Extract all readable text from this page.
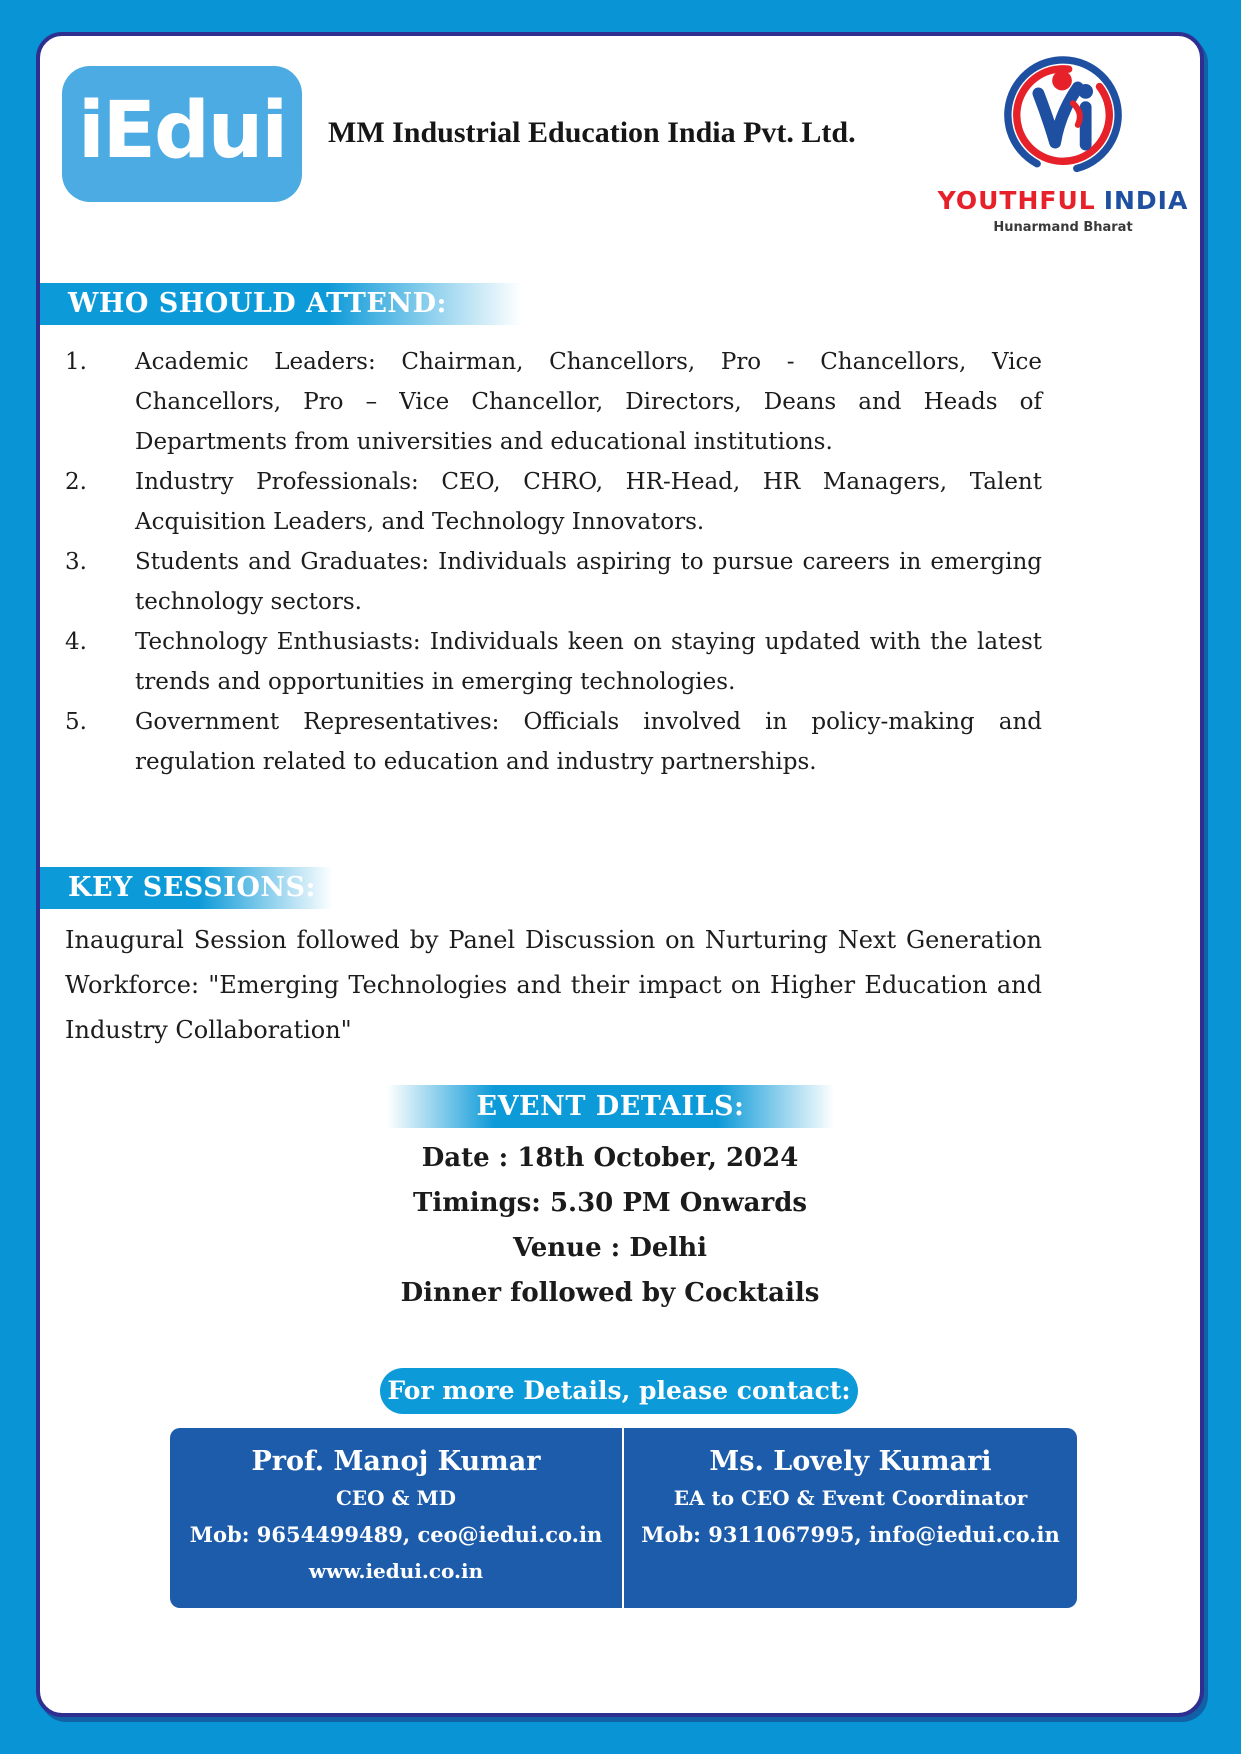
iEdui MM Industrial Education India Pvt. Ltd.
YOUTHFUL INDIA
Hunarmand Bharat
WHO SHOULD ATTEND:
1.	Academic Leaders: Chairman, Chancellors, Pro - Chancellors, Vice Chancellors, Pro – Vice Chancellor, Directors, Deans and Heads of Departments from universities and educational institutions.
2.	Industry Professionals: CEO, CHRO, HR-Head, HR Managers, Talent Acquisition Leaders, and Technology Innovators.
3.	Students and Graduates: Individuals aspiring to pursue careers in emerging technology sectors.
4.	Technology Enthusiasts: Individuals keen on staying updated with the latest trends and opportunities in emerging technologies.
5.	Government Representatives: Officials involved in policy-making and regulation related to education and industry partnerships.
KEY SESSIONS:
Inaugural Session followed by Panel Discussion on Nurturing Next Generation Workforce: "Emerging Technologies and their impact on Higher Education and Industry Collaboration"
EVENT DETAILS:
Date : 18th October, 2024
Timings: 5.30 PM Onwards
Venue : Delhi
Dinner followed by Cocktails
For more Details, please contact:
Prof. Manoj Kumar
CEO & MD
Mob: 9654499489, ceo@iedui.co.in
www.iedui.co.in
Ms. Lovely Kumari
EA to CEO & Event Coordinator
Mob: 9311067995, info@iedui.co.in
